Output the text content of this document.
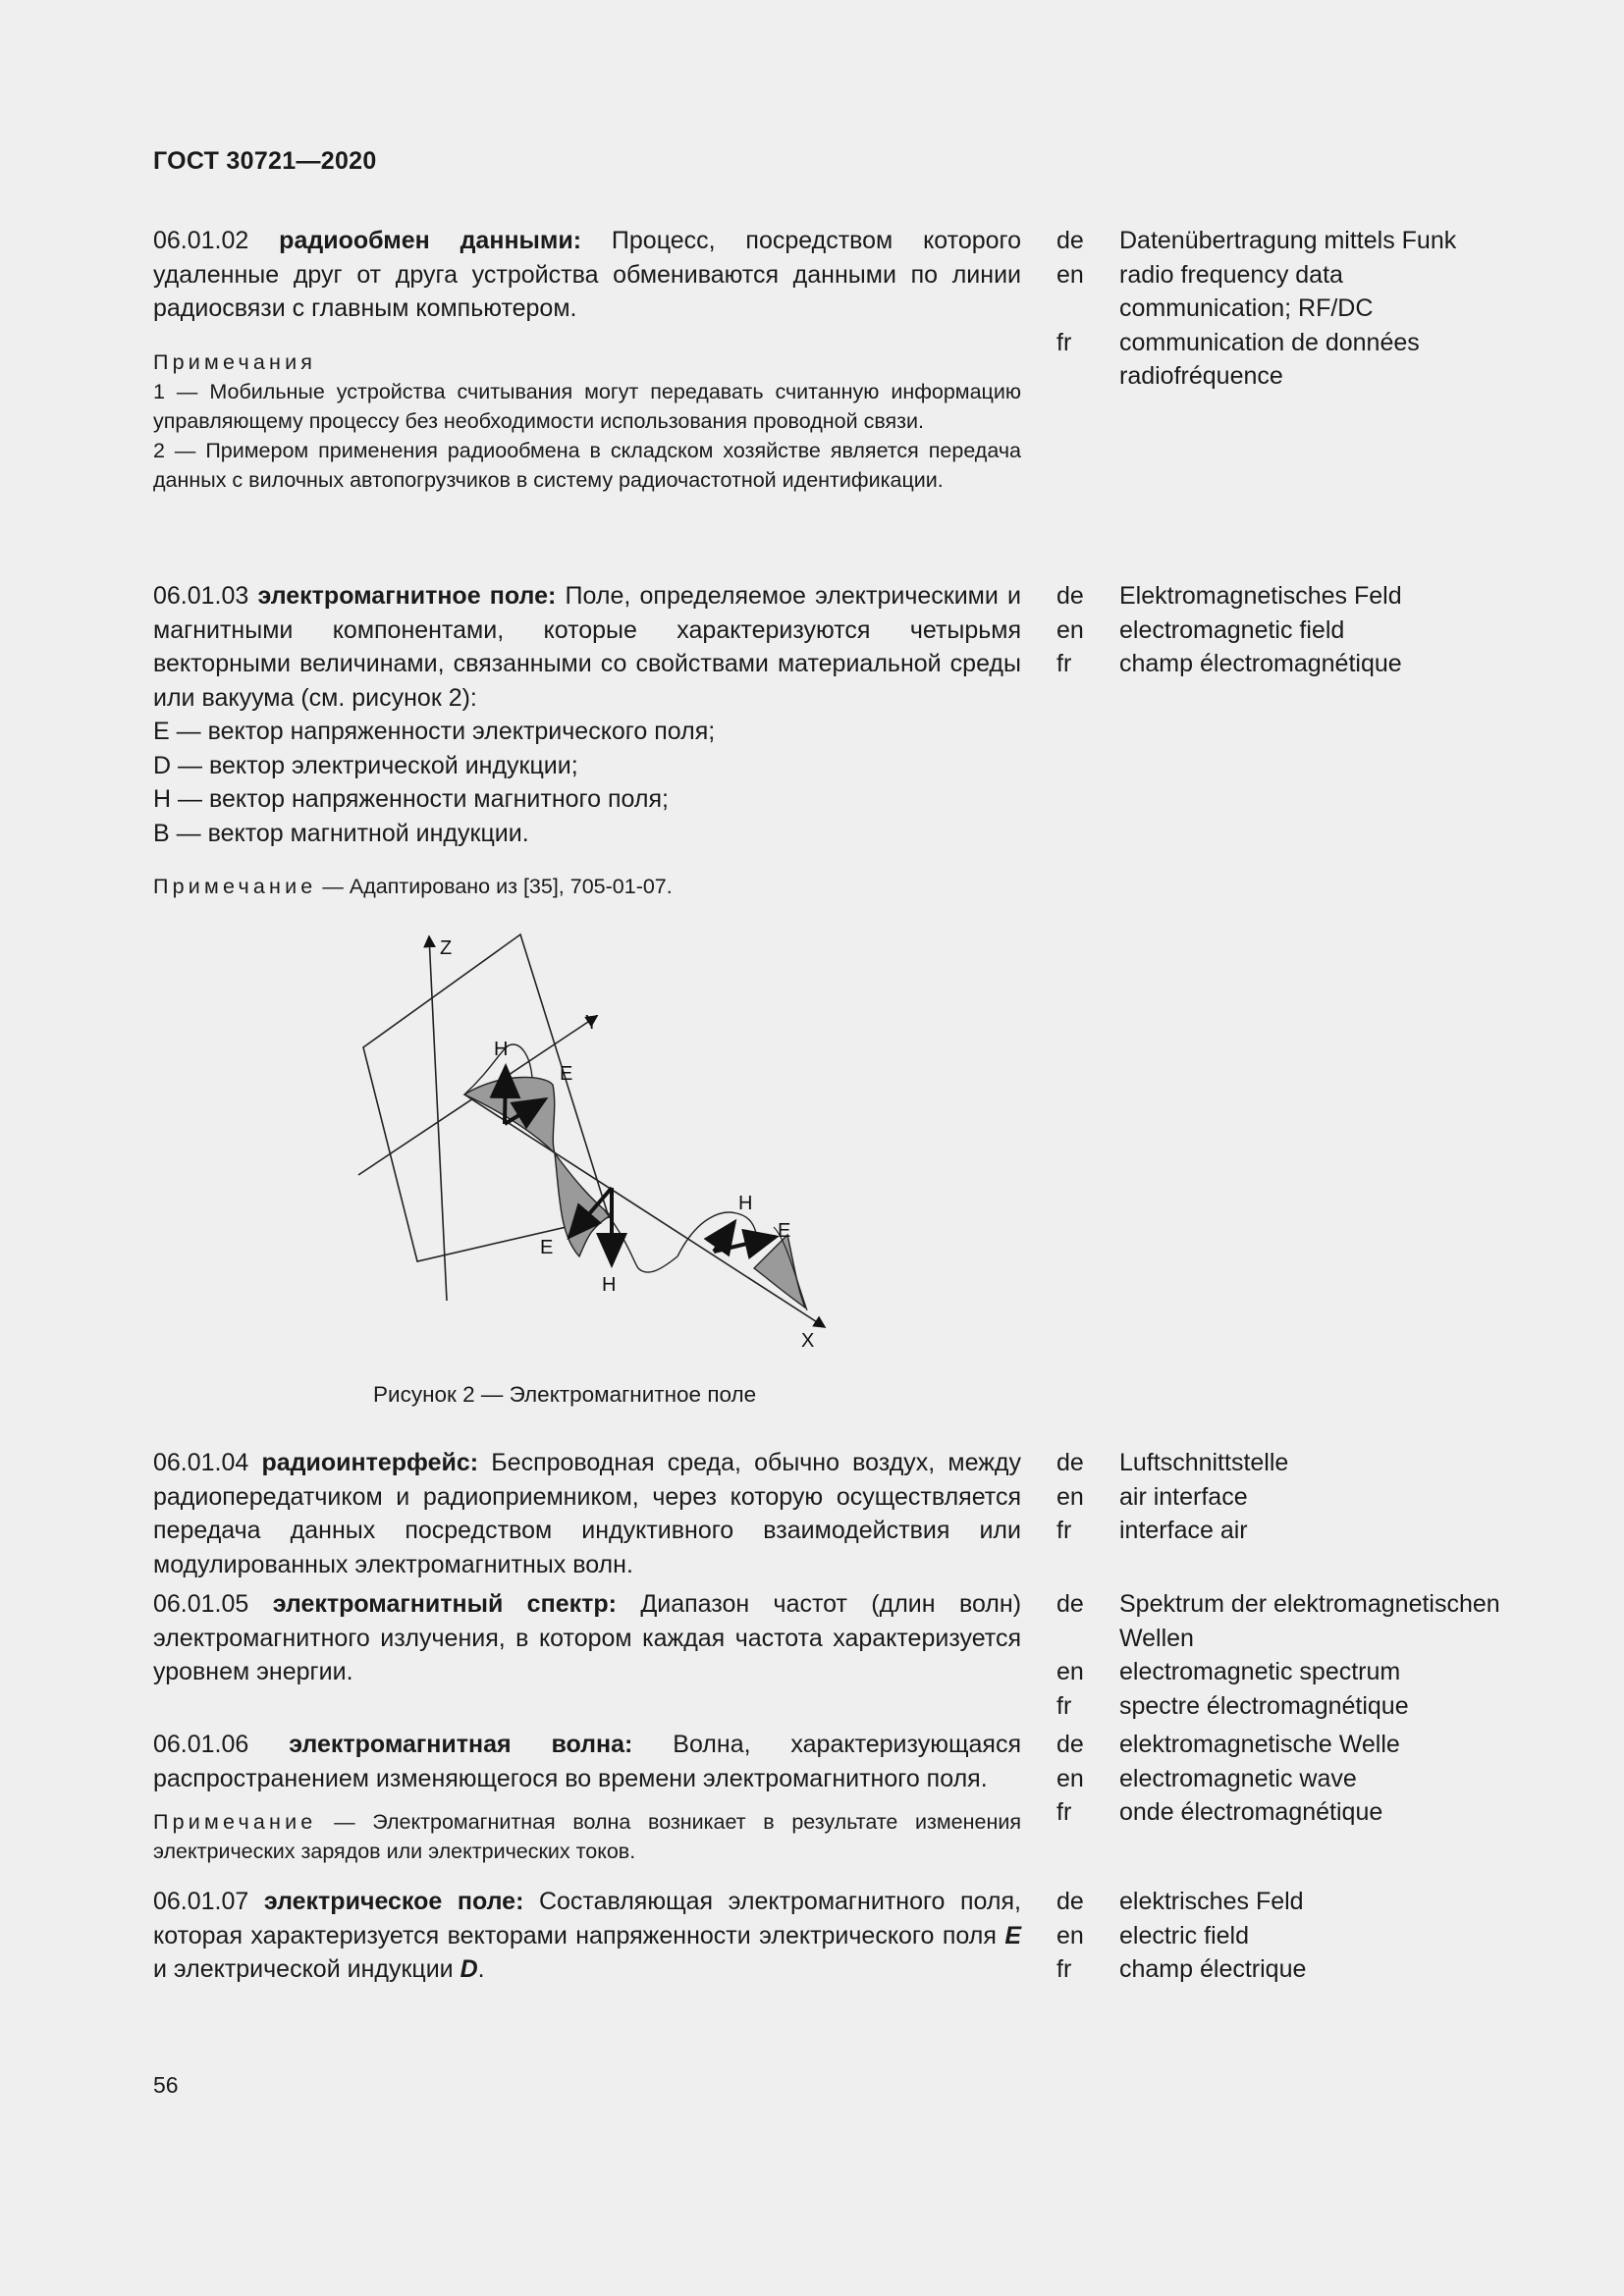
ГОСТ 30721—2020
06.01.02 радиообмен данными: Процесс, посредством которого удаленные друг от друга устройства обмениваются данными по линии радиосвязи с главным компьютером.
Примечания
1 — Мобильные устройства считывания могут передавать считанную информацию управляющему процессу без необходимости использования проводной связи.
2 — Примером применения радиообмена в складском хозяйстве является передача данных с вилочных автопогрузчиков в систему радиочастотной идентификации.
de	Datenübertragung mittels Funk
en	radio frequency data communication; RF/DC
fr	communication de données radiofréquence
06.01.03 электромагнитное поле: Поле, определяемое электрическими и магнитными компонентами, которые характеризуются четырьмя векторными величинами, связанными со свойствами материальной среды или вакуума (см. рисунок 2):
E — вектор напряженности электрического поля;
D — вектор электрической индукции;
H — вектор напряженности магнитного поля;
B — вектор магнитной индукции.
Примечание — Адаптировано из [35], 705-01-07.
de	Elektromagnetisches Feld
en	electromagnetic field
fr	champ électromagnétique
Z
Y
X
H
E
E
H
H
E
Рисунок 2 — Электромагнитное поле
06.01.04 радиоинтерфейс: Беспроводная среда, обычно воздух, между радиопередатчиком и радиоприемником, через которую осуществляется передача данных посредством индуктивного взаимодействия или модулированных электромагнитных волн.
de	Luftschnittstelle
en	air interface
fr	interface air
06.01.05 электромагнитный спектр: Диапазон частот (длин волн) электромагнитного излучения, в котором каждая частота характеризуется уровнем энергии.
de	Spektrum der elektromagnetischen Wellen
en	electromagnetic spectrum
fr	spectre électromagnétique
06.01.06 электромагнитная волна: Волна, характеризующаяся распространением изменяющегося во времени электромагнитного поля.
Примечание — Электромагнитная волна возникает в результате изменения электрических зарядов или электрических токов.
de	elektromagnetische Welle
en	electromagnetic wave
fr	onde électromagnétique
06.01.07 электрическое поле: Составляющая электромагнитного поля, которая характеризуется векторами напряженности электрического поля E и электрической индукции D.
de	elektrisches Feld
en	electric field
fr	champ électrique
56
